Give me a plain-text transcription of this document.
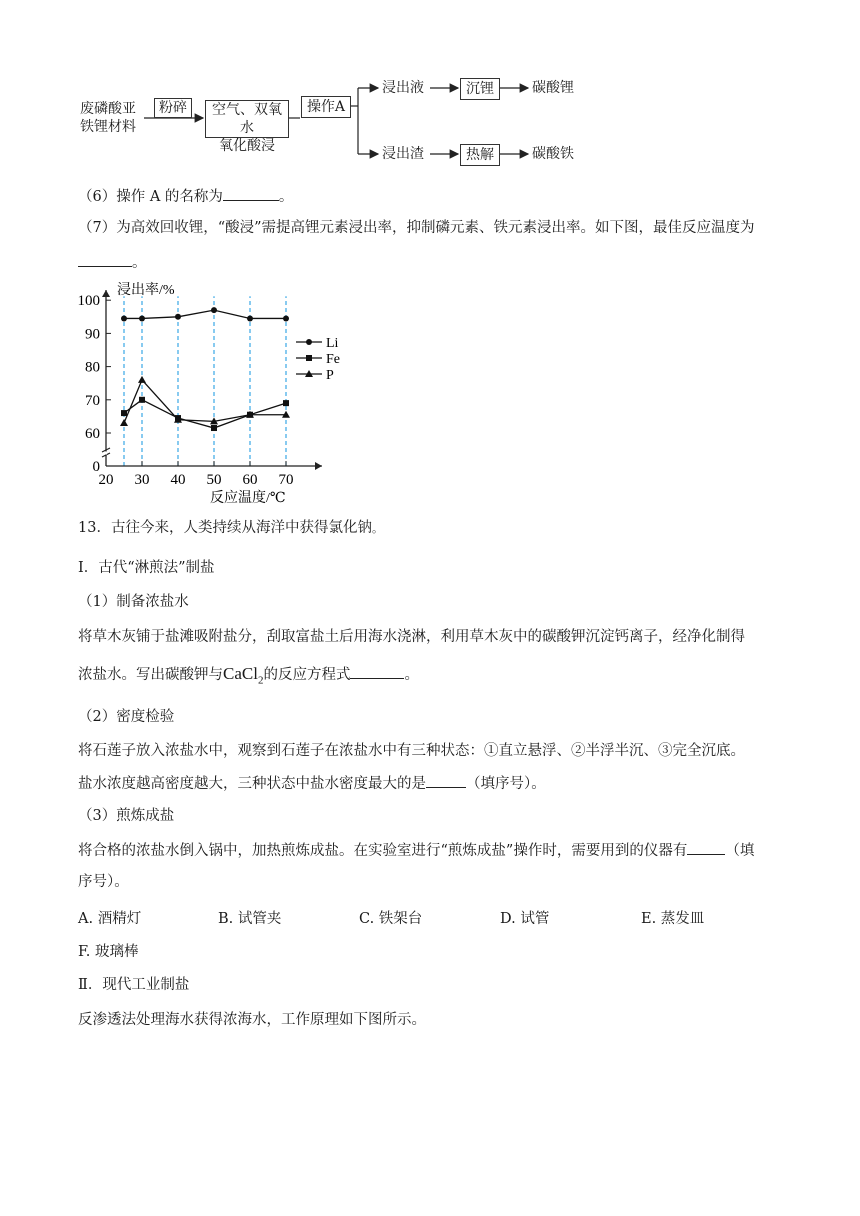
废磷酸亚
铁锂材料
粉碎	空气、双氧水
氧化酸浸
操作A
浸出液	沉锂	碳酸锂
浸出渣	热解	碳酸铁
（6）操作 A 的名称为	。
（7）为高效回收锂，“酸浸”需提高锂元素浸出率，抑制磷元素、铁元素浸出率。如下图，最佳反应温度为
。
0
60
70
80
90
100
20 30 40 50 60 70
浸出率/%
反应温度/℃
Li
Fe
P
13．古往今来，人类持续从海洋中获得氯化钠。
Ⅰ．古代“淋煎法”制盐
（1）制备浓盐水
将草木灰铺于盐滩吸附盐分，刮取富盐土后用海水浇淋，利用草木灰中的碳酸钾沉淀钙离子，经净化制得
浓盐水。写出碳酸钾与CaCl$_2$的反应方程式	。
（2）密度检验
将石莲子放入浓盐水中，观察到石莲子在浓盐水中有三种状态：①直立悬浮、②半浮半沉、③完全沉底。
盐水浓度越高密度越大，三种状态中盐水密度最大的是	（填序号）。
（3）煎炼成盐
将合格的浓盐水倒入锅中，加热煎炼成盐。在实验室进行“煎炼成盐”操作时，需要用到的仪器有	（填
序号）。
A. 酒精灯	B. 试管夹	C. 铁架台	D. 试管	E. 蒸发皿
F. 玻璃棒
Ⅱ．现代工业制盐
反渗透法处理海水获得浓海水，工作原理如下图所示。
